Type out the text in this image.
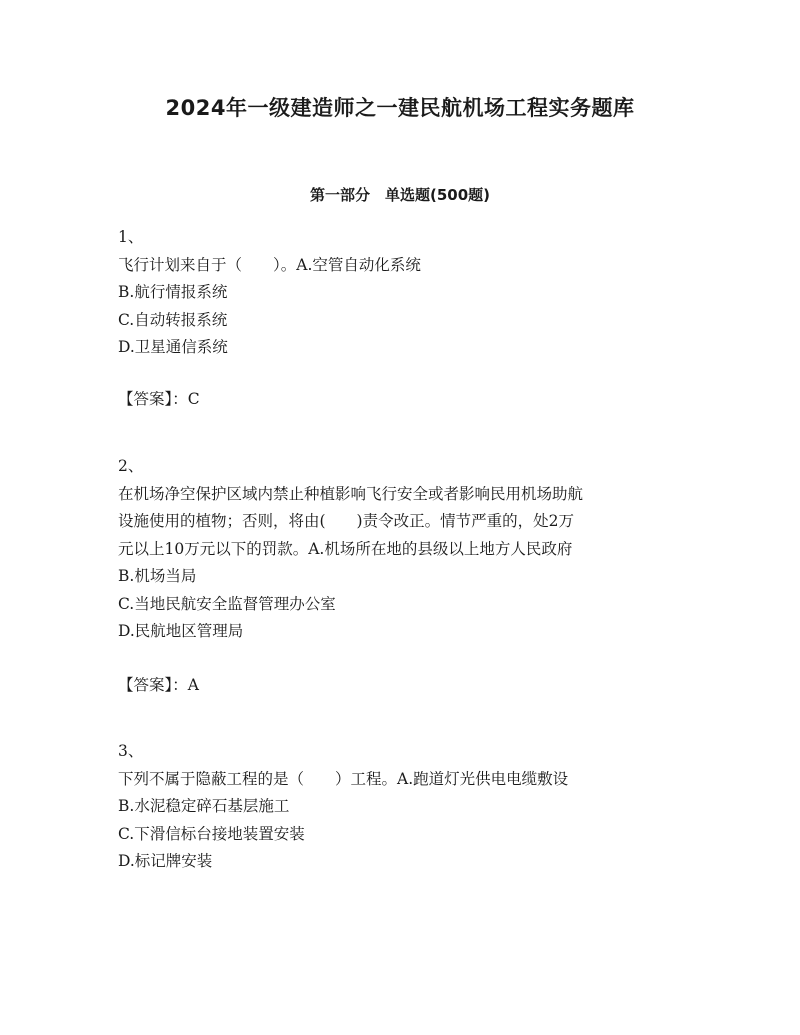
2024年一级建造师之一建民航机场工程实务题库
第一部分　单选题(500题)
1、
飞行计划来自于（　　）。A.空管自动化系统
B.航行情报系统
C.自动转报系统
D.卫星通信系统
【答案】：C
2、
在机场净空保护区域内禁止种植影响飞行安全或者影响民用机场助航
设施使用的植物；否则，将由(　　)责令改正。情节严重的，处2万
元以上10万元以下的罚款。A.机场所在地的县级以上地方人民政府
B.机场当局
C.当地民航安全监督管理办公室
D.民航地区管理局
【答案】：A
3、
下列不属于隐蔽工程的是（　　）工程。A.跑道灯光供电电缆敷设
B.水泥稳定碎石基层施工
C.下滑信标台接地装置安装
D.标记牌安装
